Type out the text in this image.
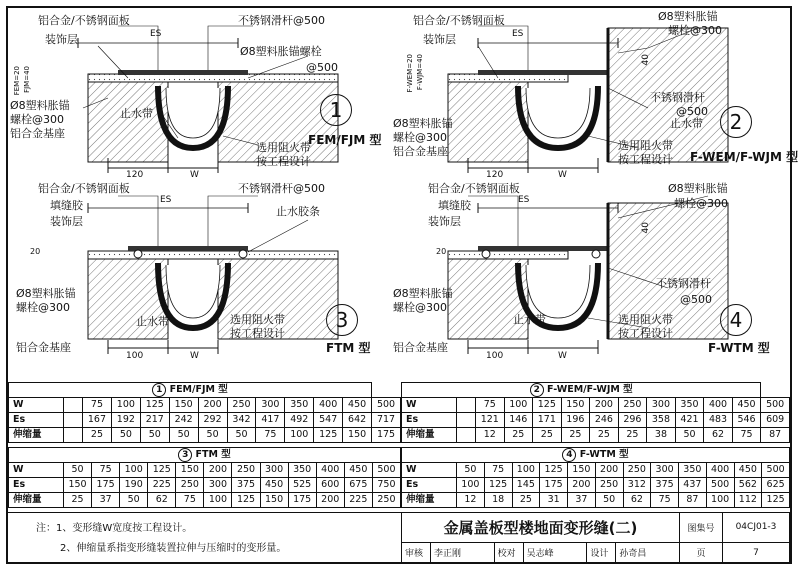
铝合金/不锈钢面板
装饰层
不锈钢滑杆@500
Ø8塑料胀锚螺栓
@500
ES
Ø8塑料胀锚
螺栓@300
铝合金基座
止水带
选用阻火带
按工程设计
120	W
FEM=20 FJM=40
1
FEM/FJM 型
铝合金/不锈钢面板
装饰层
Ø8塑料胀锚
螺栓@300
ES
40
F-WEM=20 F-WJM=40
不锈钢滑杆
@500
止水带
Ø8塑料胀锚
螺栓@300
铝合金基座	选用阻火带
按工程设计
120	W
2
F-WEM/F-WJM 型
铝合金/不锈钢面板
填缝胶
装饰层
不锈钢滑杆@500
止水胶条
ES
20
Ø8塑料胀锚
螺栓@300
止水带	选用阻火带
按工程设计
铝合金基座
100	W
3
FTM 型
铝合金/不锈钢面板
填缝胶
装饰层
Ø8塑料胀锚
螺栓@300
ES
40
20
不锈钢滑杆
@500
Ø8塑料胀锚
螺栓@300
止水带	选用阻火带
按工程设计
铝合金基座
100	W
4
F-WTM 型
1 FEM/FJM 型												
W		75	100	125	150	200	250	300	350	400	450	500
Es		167	192	217	242	292	342	417	492	547	642	717
伸缩量		25	50	50	50	50	50	75	100	125	150	175
2 F-WEM/F-WJM 型												
W		75	100	125	150	200	250	300	350	400	450	500
Es		121	146	171	196	246	296	358	421	483	546	609
伸缩量		12	25	25	25	25	25	38	50	62	75	87
3 FTM 型												
W	50	75	100	125	150	200	250	300	350	400	450	500
Es	150	175	190	225	250	300	375	450	525	600	675	750
伸缩量	25	37	50	62	75	100	125	150	175	200	225	250
4 F-WTM 型												
W	50	75	100	125	150	200	250	300	350	400	450	500
Es	100	125	145	175	200	250	312	375	437	500	562	625
伸缩量	12	18	25	31	37	50	62	75	87	100	112	125
注：1、变形缝W宽度按工程设计。
2、伸缩量系指变形缝装置拉伸与压缩时的变形量。
金属盖板型楼地面变形缝(二)						图集号	04CJ01-3
审核	李正刚	校对	吴志峰	设计	孙奇昌	页	7
